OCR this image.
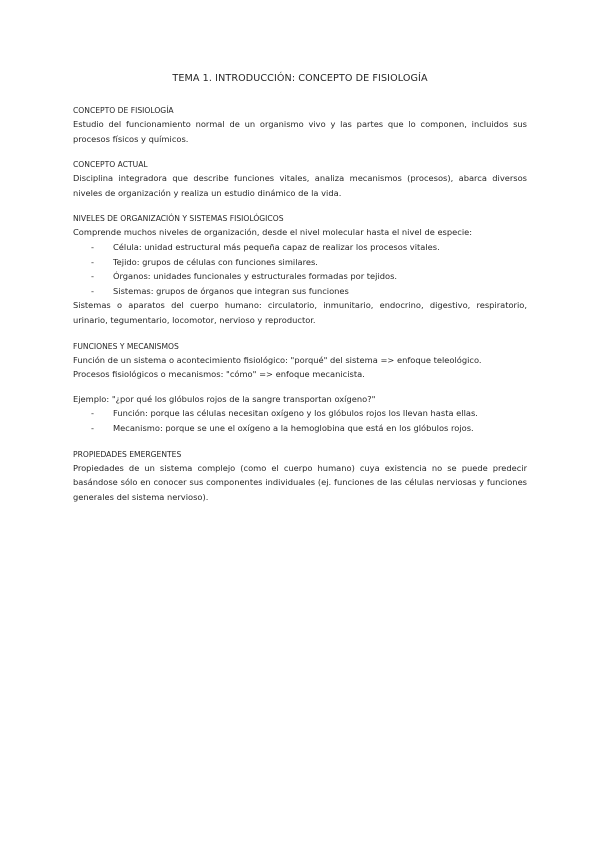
TEMA 1. INTRODUCCIÓN: CONCEPTO DE FISIOLOGÍA
CONCEPTO DE FISIOLOGÍA

Estudio del funcionamiento normal de un organismo vivo y las partes que lo componen, incluidos sus procesos físicos y químicos.

CONCEPTO ACTUAL

Disciplina integradora que describe funciones vitales, analiza mecanismos (procesos), abarca diversos niveles de organización y realiza un estudio dinámico de la vida.

NIVELES DE ORGANIZACIÓN Y SISTEMAS FISIOLÓGICOS

Comprende muchos niveles de organización, desde el nivel molecular hasta el nivel de especie:

- Célula: unidad estructural más pequeña capaz de realizar los procesos vitales.
- Tejido: grupos de células con funciones similares.
- Órganos: unidades funcionales y estructurales formadas por tejidos.
- Sistemas: grupos de órganos que integran sus funciones

Sistemas o aparatos del cuerpo humano: circulatorio, inmunitario, endocrino, digestivo, respiratorio, urinario, tegumentario, locomotor, nervioso y reproductor.

FUNCIONES Y MECANISMOS

Función de un sistema o acontecimiento fisiológico: "porqué" del sistema => enfoque teleológico.

Procesos fisiológicos o mecanismos: "cómo" => enfoque mecanicista.

Ejemplo: "¿por qué los glóbulos rojos de la sangre transportan oxígeno?"

- Función: porque las células necesitan oxígeno y los glóbulos rojos los llevan hasta ellas.
- Mecanismo: porque se une el oxígeno a la hemoglobina que está en los glóbulos rojos.
PROPIEDADES EMERGENTES

Propiedades de un sistema complejo (como el cuerpo humano) cuya existencia no se puede predecir basándose sólo en conocer sus componentes individuales (ej. funciones de las células nerviosas y funciones generales del sistema nervioso).
